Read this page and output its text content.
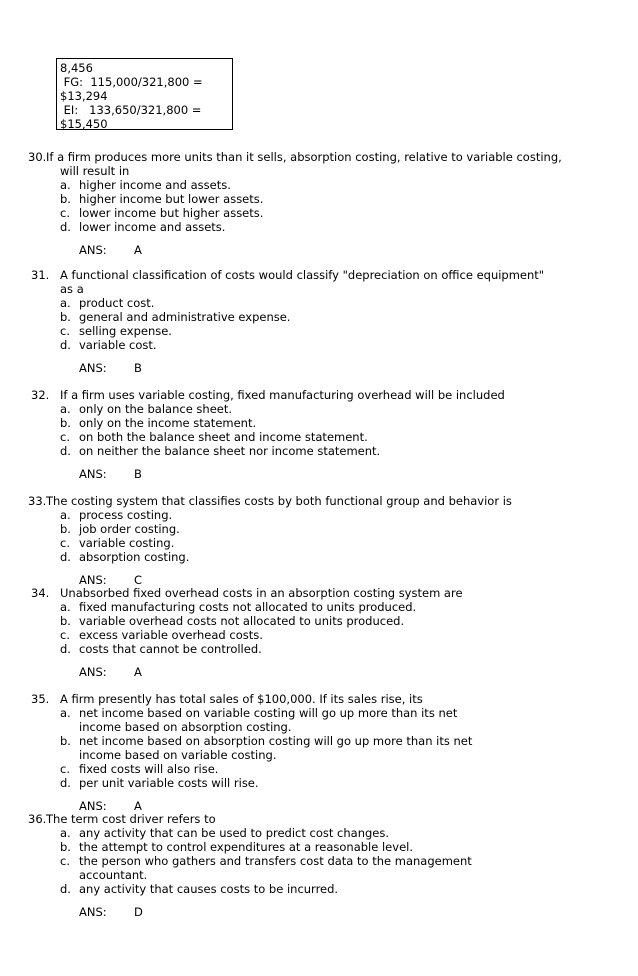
8,456
FG:  115,000/321,800 =
$13,294
EI:   133,650/321,800 =
$15,450
30. If a firm produces more units than it sells, absorption costing, relative to variable costing,
will result in
a. higher income and assets.
b. higher income but lower assets.
c. lower income but higher assets.
d. lower income and assets.
ANS: A
31. A functional classification of costs would classify "depreciation on office equipment"
as a
a. product cost.
b. general and administrative expense.
c. selling expense.
d. variable cost.
ANS: B
32. If a firm uses variable costing, fixed manufacturing overhead will be included
a. only on the balance sheet.
b. only on the income statement.
c. on both the balance sheet and income statement.
d. on neither the balance sheet nor income statement.
ANS: B
33. The costing system that classifies costs by both functional group and behavior is
a. process costing.
b. job order costing.
c. variable costing.
d. absorption costing.
ANS: C
34. Unabsorbed fixed overhead costs in an absorption costing system are
a. fixed manufacturing costs not allocated to units produced.
b. variable overhead costs not allocated to units produced.
c. excess variable overhead costs.
d. costs that cannot be controlled.
ANS: A
35. A firm presently has total sales of $100,000. If its sales rise, its
a. net income based on variable costing will go up more than its net
income based on absorption costing.
b. net income based on absorption costing will go up more than its net
income based on variable costing.
c. fixed costs will also rise.
d. per unit variable costs will rise.
ANS: A
36. The term cost driver refers to
a. any activity that can be used to predict cost changes.
b. the attempt to control expenditures at a reasonable level.
c. the person who gathers and transfers cost data to the management
accountant.
d. any activity that causes costs to be incurred.
ANS: D
